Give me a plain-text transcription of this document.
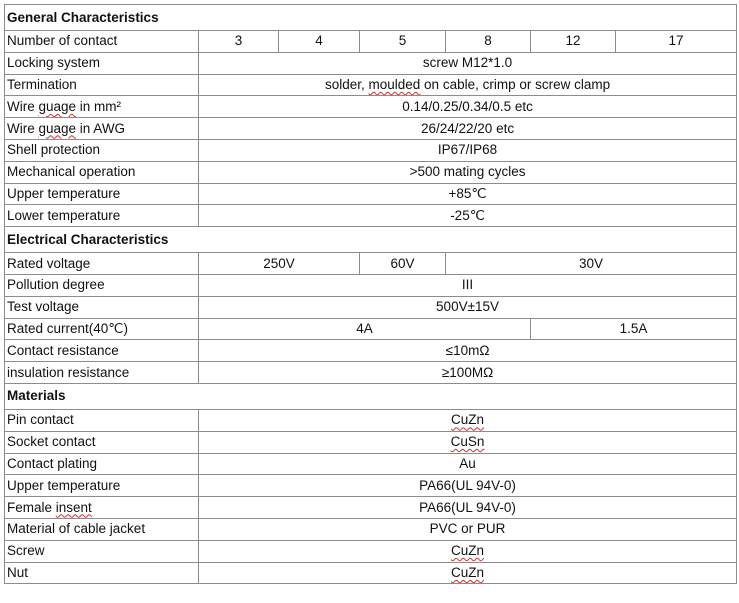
General Characteristics						
Number of contact	3	4	5	8	12	17
Locking system	screw M12*1.0					
Termination	solder, moulded on cable, crimp or screw clamp					
Wire guage in mm²	0.14/0.25/0.34/0.5 etc					
Wire guage in AWG	26/24/22/20 etc					
Shell protection	IP67/IP68					
Mechanical operation	>500 mating cycles					
Upper temperature	+85℃					
Lower temperature	-25℃					
Electrical Characteristics						
Rated voltage	250V		60V	30V		
Pollution degree	III					
Test voltage	500V±15V					
Rated current(40℃)	4A				1.5A	
Contact resistance	≤10mΩ					
insulation resistance	≥100MΩ					
Materials						
Pin contact	CuZn					
Socket contact	CuSn					
Contact plating	Au					
Upper temperature	PA66(UL 94V-0)					
Female insent	PA66(UL 94V-0)					
Material of cable jacket	PVC or PUR					
Screw	CuZn					
Nut	CuZn					
